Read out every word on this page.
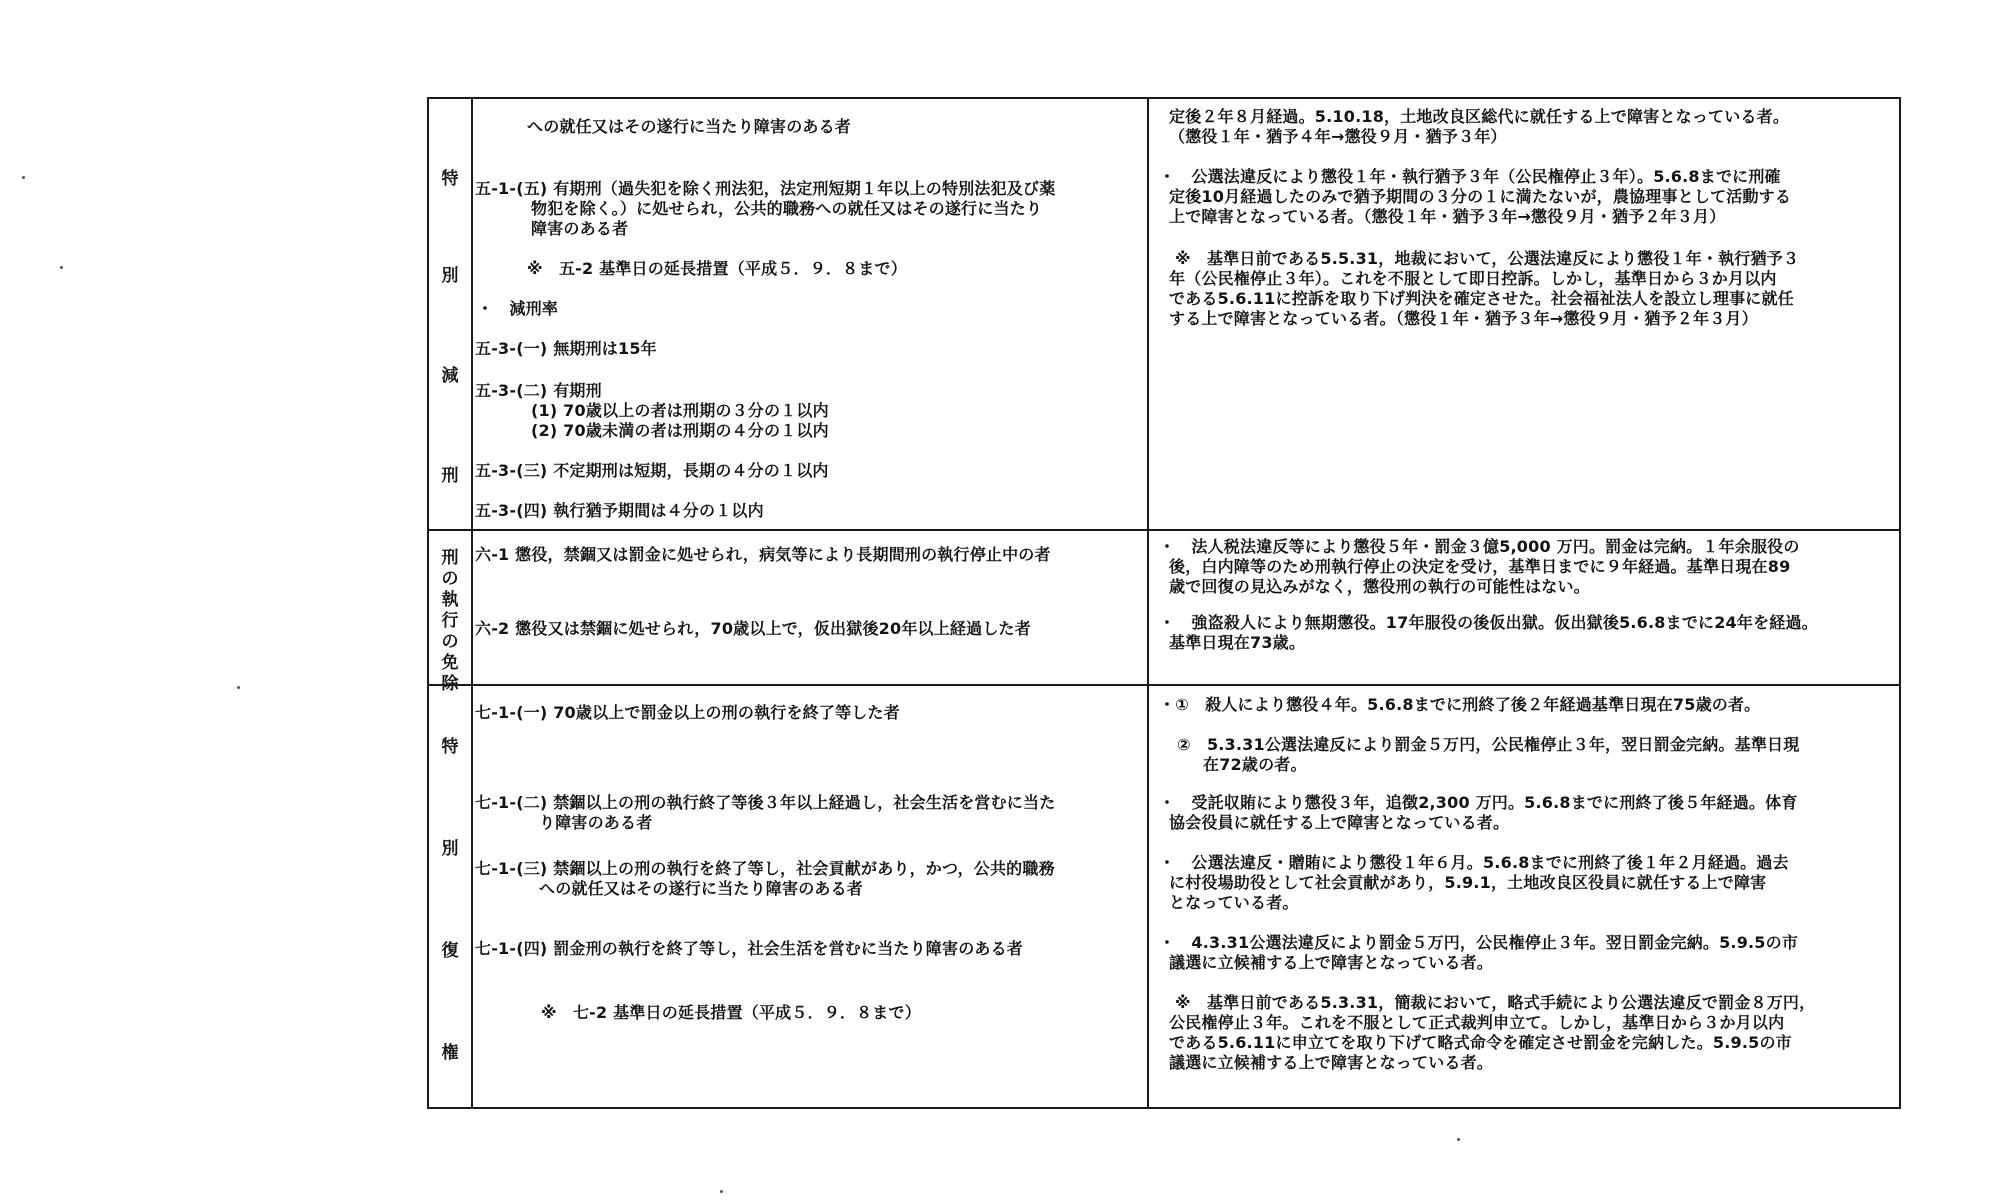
特
別
減
刑
への就任又はその遂行に当たり障害のある者
五-1-(五) 有期刑（過失犯を除く刑法犯，法定刑短期１年以上の特別法犯及び薬
物犯を除く。）に処せられ，公共的職務への就任又はその遂行に当たり
障害のある者
※　五-2 基準日の延長措置（平成５．９．８まで）
・　減刑率
五-3-(一) 無期刑は15年
五-3-(二) 有期刑
(1) 70歳以上の者は刑期の３分の１以内
(2) 70歳未満の者は刑期の４分の１以内
五-3-(三) 不定期刑は短期，長期の４分の１以内
五-3-(四) 執行猶予期間は４分の１以内
定後２年８月経過。5.10.18，土地改良区総代に就任する上で障害となっている者。
（懲役１年・猶予４年→懲役９月・猶予３年）
・　公選法違反により懲役１年・執行猶予３年（公民権停止３年）。5.6.8までに刑確
定後10月経過したのみで猶予期間の３分の１に満たないが，農協理事として活動する
上で障害となっている者。（懲役１年・猶予３年→懲役９月・猶予２年３月）
※　基準日前である5.5.31，地裁において，公選法違反により懲役１年・執行猶予３
年（公民権停止３年）。これを不服として即日控訴。しかし，基準日から３か月以内
である5.6.11に控訴を取り下げ判決を確定させた。社会福祉法人を設立し理事に就任
する上で障害となっている者。（懲役１年・猶予３年→懲役９月・猶予２年３月）
刑
の
執
行
の
免
除
六-1 懲役，禁錮又は罰金に処せられ，病気等により長期間刑の執行停止中の者
六-2 懲役又は禁錮に処せられ，70歳以上で，仮出獄後20年以上経過した者
・　法人税法違反等により懲役５年・罰金３億5,000 万円。罰金は完納。１年余服役の
後，白内障等のため刑執行停止の決定を受け，基準日までに９年経過。基準日現在89
歳で回復の見込みがなく，懲役刑の執行の可能性はない。
・　強盗殺人により無期懲役。17年服役の後仮出獄。仮出獄後5.6.8までに24年を経過。
基準日現在73歳。
特
別
復
権
七-1-(一) 70歳以上で罰金以上の刑の執行を終了等した者
七-1-(二) 禁錮以上の刑の執行終了等後３年以上経過し，社会生活を営むに当た
り障害のある者
七-1-(三) 禁錮以上の刑の執行を終了等し，社会貢献があり，かつ，公共的職務
への就任又はその遂行に当たり障害のある者
七-1-(四) 罰金刑の執行を終了等し，社会生活を営むに当たり障害のある者
※　七-2 基準日の延長措置（平成５．９．８まで）
・①　殺人により懲役４年。5.6.8までに刑終了後２年経過基準日現在75歳の者。
②　5.3.31公選法違反により罰金５万円，公民権停止３年，翌日罰金完納。基準日現
在72歳の者。
・　受託収賄により懲役３年，追徴2,300 万円。5.6.8までに刑終了後５年経過。体育
協会役員に就任する上で障害となっている者。
・　公選法違反・贈賄により懲役１年６月。5.6.8までに刑終了後１年２月経過。過去
に村役場助役として社会貢献があり，5.9.1，土地改良区役員に就任する上で障害
となっている者。
・　4.3.31公選法違反により罰金５万円，公民権停止３年。翌日罰金完納。5.9.5の市
議選に立候補する上で障害となっている者。
※　基準日前である5.3.31，簡裁において，略式手続により公選法違反で罰金８万円，
公民権停止３年。これを不服として正式裁判申立て。しかし，基準日から３か月以内
である5.6.11に申立てを取り下げて略式命令を確定させ罰金を完納した。5.9.5の市
議選に立候補する上で障害となっている者。
